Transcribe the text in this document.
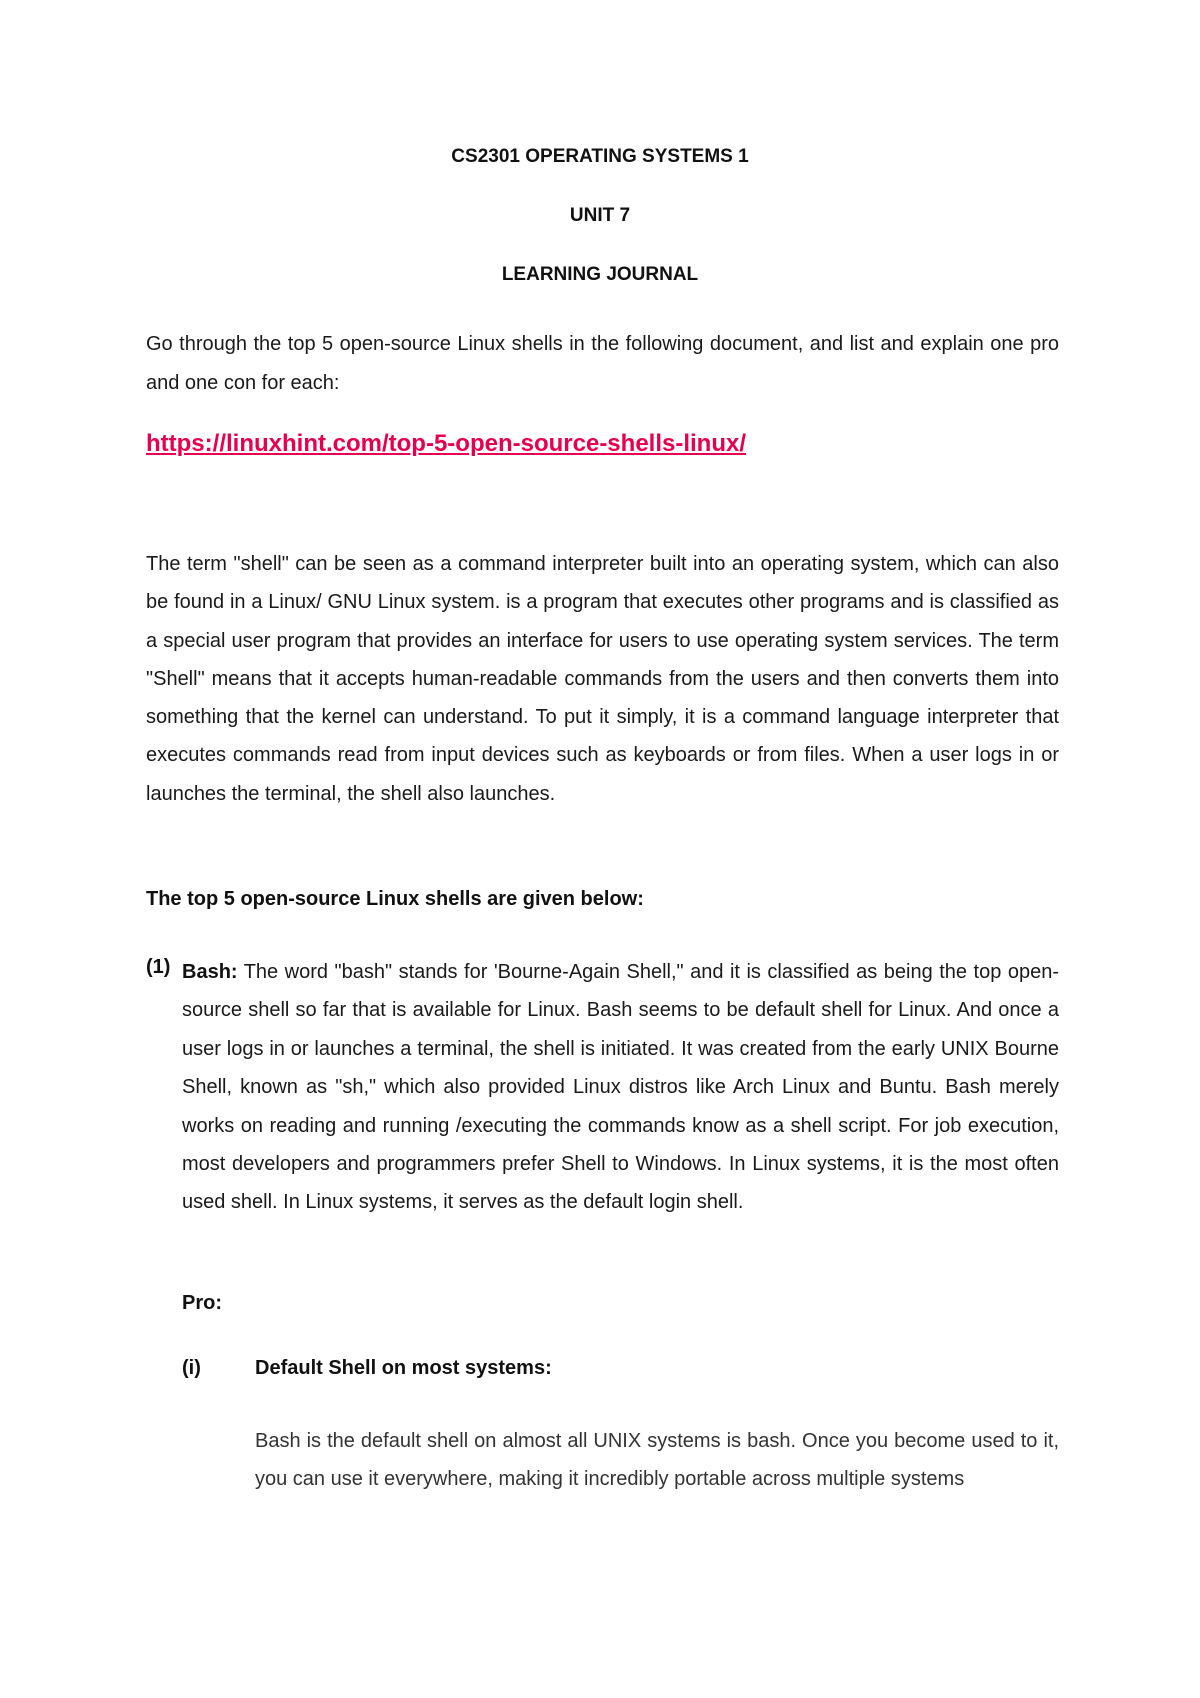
CS2301 OPERATING SYSTEMS 1
UNIT 7
LEARNING JOURNAL
Go through the top 5 open-source Linux shells in the following document, and list and explain one pro and one con for each:
https://linuxhint.com/top-5-open-source-shells-linux/
The term "shell" can be seen as a command interpreter built into an operating system, which can also be found in a Linux/ GNU Linux system. is a program that executes other programs and is classified as a special user program that provides an interface for users to use operating system services. The term "Shell" means that it accepts human-readable commands from the users and then converts them into something that the kernel can understand. To put it simply, it is a command language interpreter that executes commands read from input devices such as keyboards or from files. When a user logs in or launches the terminal, the shell also launches.
The top 5 open-source Linux shells are given below:
(1) Bash: The word "bash" stands for 'Bourne-Again Shell," and it is classified as being the top open-source shell so far that is available for Linux. Bash seems to be default shell for Linux. And once a user logs in or launches a terminal, the shell is initiated. It was created from the early UNIX Bourne Shell, known as "sh," which also provided Linux distros like Arch Linux and Buntu. Bash merely works on reading and running /executing the commands know as a shell script. For job execution, most developers and programmers prefer Shell to Windows. In Linux systems, it is the most often used shell. In Linux systems, it serves as the default login shell.
Pro:
(i)	Default Shell on most systems:
Bash is the default shell on almost all UNIX systems is bash. Once you become used to it, you can use it everywhere, making it incredibly portable across multiple systems
